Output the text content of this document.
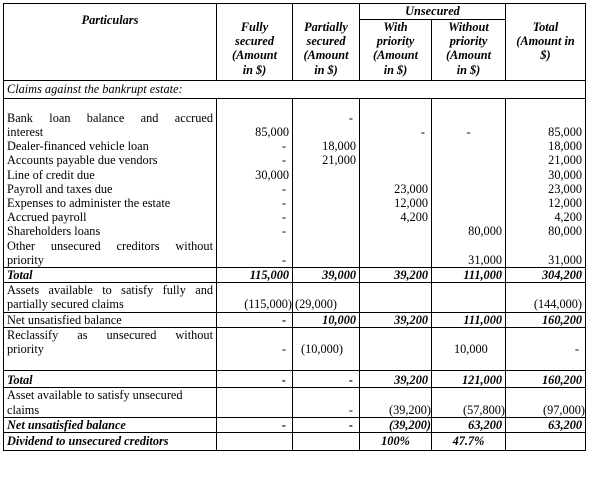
Particulars	Fully
secured
(Amount
in $)	Partially
secured
(Amount
in $)	Unsecured		Total
(Amount in
$)

			With
priority
(Amount
in $)	Without
priority
(Amount
in $)	

Claims against the bankrupt estate:					

Bank loan balance and accrued
interest	85,000	-	-	-	85,000
Dealer-financed vehicle loan	-	18,000			18,000
Accounts payable due vendors	-	21,000			21,000
Line of credit due	30,000				30,000
Payroll and taxes due	-		23,000		23,000
Expenses to administer the estate	-		12,000		12,000
Accrued payroll	-		4,200		4,200
Shareholders loans	-			80,000	80,000

Other unsecured creditors without
priority	-			31,000	31,000
Total	115,000	39,000	39,200	111,000	304,200

Assets available to satisfy fully and
partially secured claims	(115,000)	(29,000)			(144,000)
Net unsatisfied balance	-	10,000	39,200	111,000	160,200

Reclassify as unsecured without
priority	-	(10,000)		10,000	-

Total	-	-	39,200	121,000	160,200

Asset available to satisfy unsecured
claims		-	(39,200)	(57,800)	(97,000)
Net unsatisfied balance	-	-	(39,200)	63,200	63,200
Dividend to unsecured creditors			100%	47.7%	
